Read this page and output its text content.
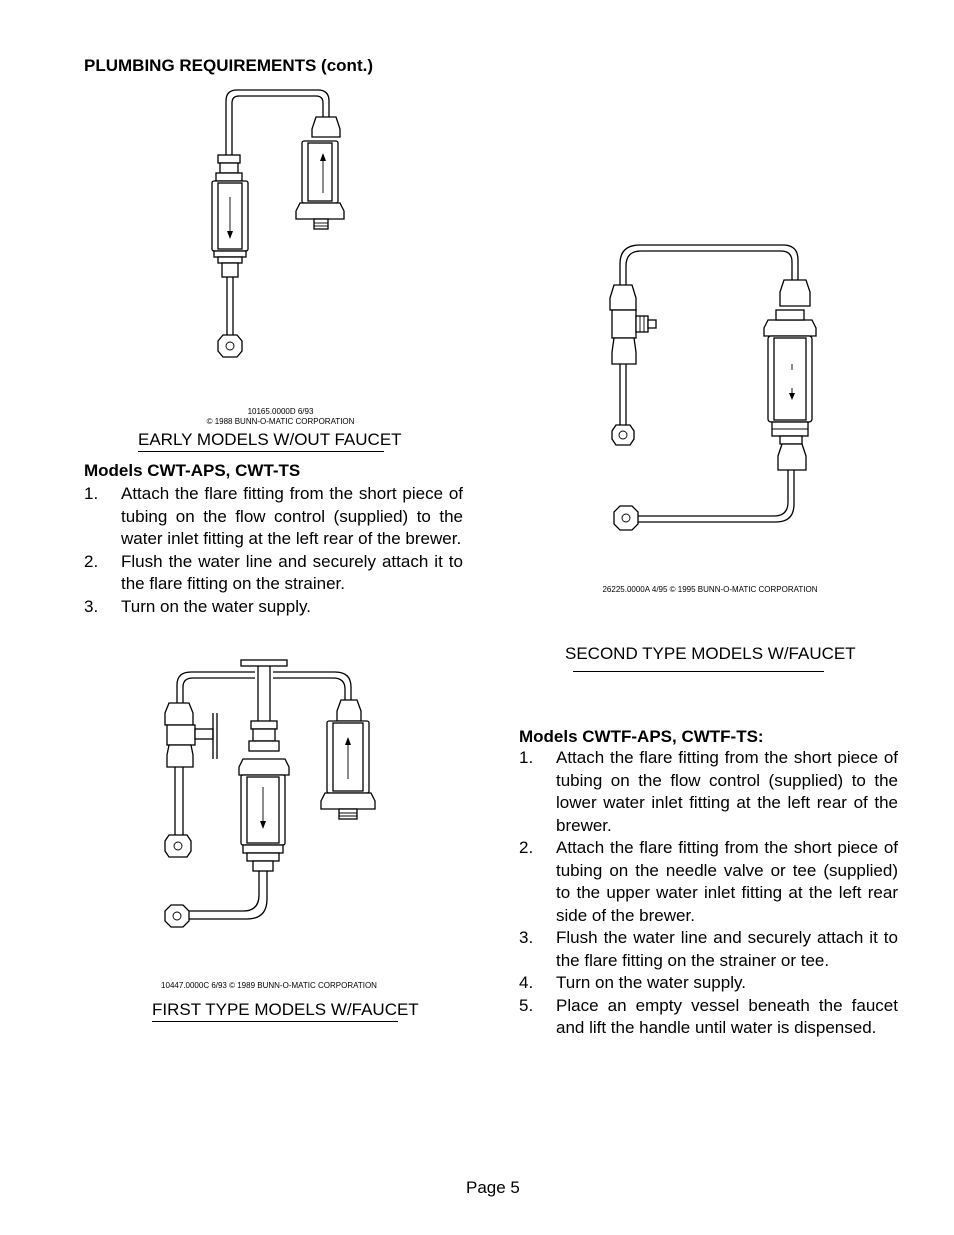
PLUMBING REQUIREMENTS (cont.)
10165.0000D 6/93
© 1988 BUNN-O-MATIC CORPORATION
EARLY MODELS W/OUT FAUCET
Models CWT-APS, CWT-TS
1. Attach the flare fitting from the short piece of tubing on the flow control (supplied) to the water inlet fitting at the left rear of the brewer.
2. Flush the water line and securely attach it to the flare fitting on the strainer.
3. Turn on the water supply.
26225.0000A 4/95 © 1995 BUNN-O-MATIC CORPORATION
SECOND TYPE MODELS W/FAUCET
10447.0000C 6/93 © 1989 BUNN-O-MATIC CORPORATION
FIRST TYPE MODELS W/FAUCET
Models CWTF-APS, CWTF-TS:
1. Attach the flare fitting from the short piece of tubing on the flow control (supplied) to the lower water inlet fitting at the left rear of the brewer.
2. Attach the flare fitting from the short piece of tubing on the needle valve or tee (supplied) to the upper water inlet fitting at the left rear side of the brewer.
3. Flush the water line and securely attach it to the flare fitting on the strainer or tee.
4. Turn on the water supply.
5. Place an empty vessel beneath the faucet and lift the handle until water is dispensed.
Page 5
